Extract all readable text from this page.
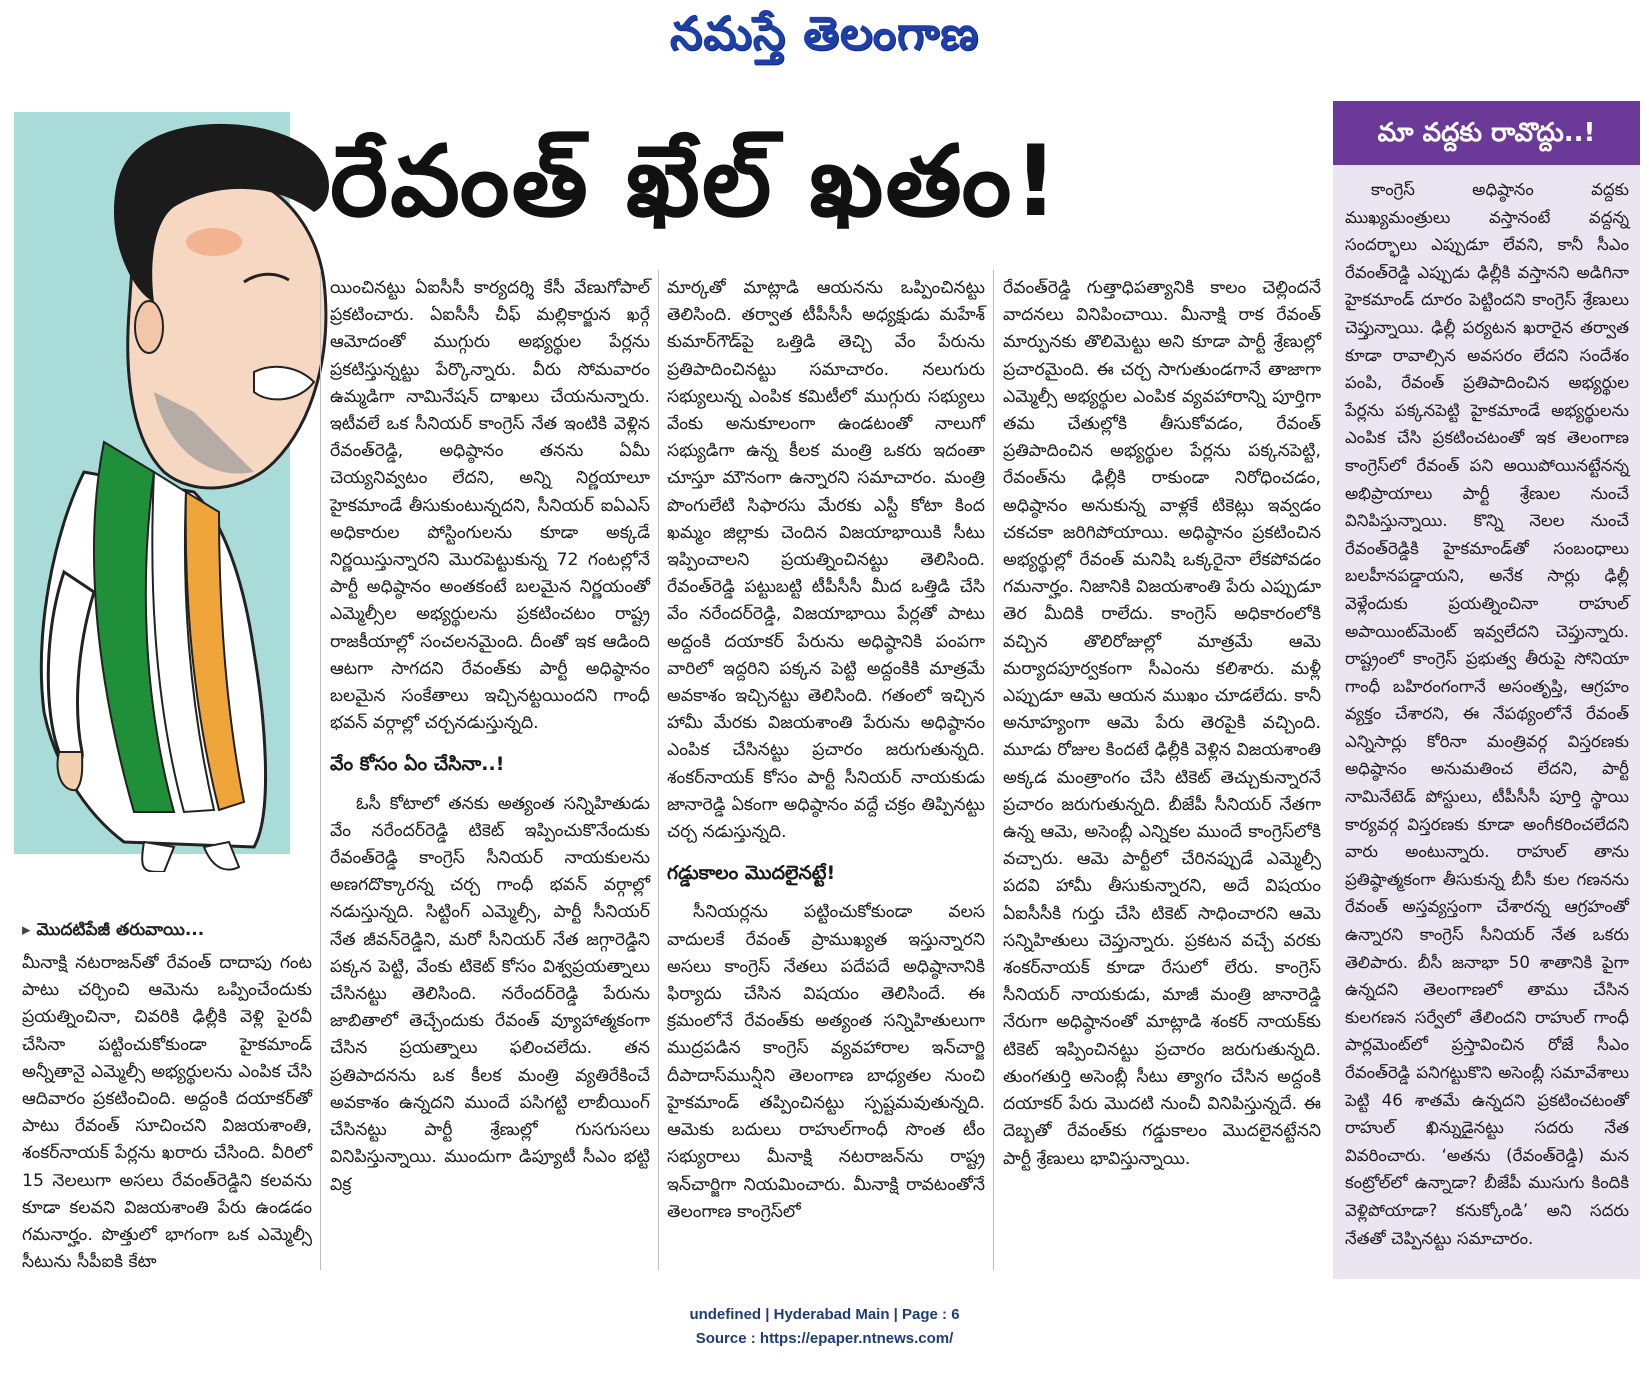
నమస్తే తెలంగాణ
రేవంత్ ఖేల్ ఖతం!
▸ మొదటిపేజీ తరువాయి...

మీనాక్షి నటరాజన్‌తో రేవంత్ దాదాపు గంట పాటు చర్చించి ఆమెను ఒప్పించేందుకు ప్రయత్నించినా, చివరికి ఢిల్లీకి వెళ్లి పైరవీ చేసినా పట్టించుకోకుండా హైకమాండ్ అన్నీతానై ఎమ్మెల్సీ అభ్యర్థులను ఎంపిక చేసి ఆదివారం ప్రకటించింది. అద్దంకి దయాకర్‌తో పాటు రేవంత్ సూచించని విజయశాంతి, శంకర్‌నాయక్ పేర్లను ఖరారు చేసింది. వీరిలో 15 నెలలుగా అసలు రేవంత్‌రెడ్డిని కలవను కూడా కలవని విజయశాంతి పేరు ఉండడం గమనార్హం. పొత్తులో భాగంగా ఒక ఎమ్మెల్సీ సీటును సీపీఐకి కేటా

యించినట్టు ఏఐసీసీ కార్యదర్శి కేసీ వేణుగోపాల్ ప్రకటించారు. ఏఐసీసీ చీఫ్ మల్లికార్జున ఖర్గే ఆమోదంతో ముగ్గురు అభ్యర్థుల పేర్లను ప్రకటిస్తున్నట్టు పేర్కొన్నారు. వీరు సోమవారం ఉమ్మడిగా నామినేషన్ దాఖలు చేయనున్నారు. ఇటీవలే ఒక సీనియర్ కాంగ్రెస్ నేత ఇంటికి వెళ్లిన రేవంత్‌రెడ్డి, అధిష్ఠానం తనను ఏమీ చెయ్యనివ్వటం లేదని, అన్ని నిర్ణయాలూ హైకమాండే తీసుకుంటున్నదని, సీనియర్ ఐఏఎస్ అధికారుల పోస్టింగులను కూడా అక్కడే నిర్ణయిస్తున్నారని మొరపెట్టుకున్న 72 గంటల్లోనే పార్టీ అధిష్ఠానం అంతకంటే బలమైన నిర్ణయంతో ఎమ్మెల్సీల అభ్యర్థులను ప్రకటించటం రాష్ట్ర రాజకీయాల్లో సంచలనమైంది. దీంతో ఇక ఆడింది ఆటగా సాగదని రేవంత్‌కు పార్టీ అధిష్ఠానం బలమైన సంకేతాలు ఇచ్చినట్టయిందని గాంధీ భవన్ వర్గాల్లో చర్చనడుస్తున్నది.

వేం కోసం ఏం చేసినా..!

ఓసీ కోటాలో తనకు అత్యంత సన్నిహితుడు వేం నరేందర్‌రెడ్డి టికెట్ ఇప్పించుకొనేందుకు రేవంత్‌రెడ్డి కాంగ్రెస్ సీనియర్ నాయకులను అణగదొక్కారన్న చర్చ గాంధీ భవన్ వర్గాల్లో నడుస్తున్నది. సిట్టింగ్ ఎమ్మెల్సీ, పార్టీ సీనియర్ నేత జీవన్‌రెడ్డిని, మరో సీనియర్ నేత జగ్గారెడ్డిని పక్కన పెట్టి, వేంకు టికెట్ కోసం విశ్వప్రయత్నాలు చేసినట్టు తెలిసింది. నరేందర్‌రెడ్డి పేరును జాబితాలో తెచ్చేందుకు రేవంత్ వ్యూహాత్మకంగా చేసిన ప్రయత్నాలు ఫలించలేదు. తన ప్రతిపాదనను ఒక కీలక మంత్రి వ్యతిరేకించే అవకాశం ఉన్నదని ముందే పసిగట్టి లాబీయింగ్ చేసినట్టు పార్టీ శ్రేణుల్లో గుసగుసలు వినిపిస్తున్నాయి. ముందుగా డిప్యూటీ సీఎం భట్టి విక్ర

మార్కతో మాట్లాడి ఆయనను ఒప్పించినట్టు తెలిసింది. తర్వాత టీపీసీసీ అధ్యక్షుడు మహేశ్ కుమార్‌గౌడ్‌పై ఒత్తిడి తెచ్చి వేం పేరును ప్రతిపాదించినట్టు సమాచారం. నలుగురు సభ్యులున్న ఎంపిక కమిటీలో ముగ్గురు సభ్యులు వేంకు అనుకూలంగా ఉండటంతో నాలుగో సభ్యుడిగా ఉన్న కీలక మంత్రి ఒకరు ఇదంతా చూస్తూ మౌనంగా ఉన్నారని సమాచారం. మంత్రి పొంగులేటి సిఫారసు మేరకు ఎస్టీ కోటా కింద ఖమ్మం జిల్లాకు చెందిన విజయాభాయికి సీటు ఇప్పించాలని ప్రయత్నించినట్టు తెలిసింది. రేవంత్‌రెడ్డి పట్టుబట్టి టీపీసీసీ మీద ఒత్తిడి చేసి వేం నరేందర్‌రెడ్డి, విజయాభాయి పేర్లతో పాటు అద్దంకి దయాకర్ పేరును అధిష్ఠానికి పంపగా వారిలో ఇద్దరిని పక్కన పెట్టి అద్దంకికి మాత్రమే అవకాశం ఇచ్చినట్టు తెలిసింది. గతంలో ఇచ్చిన హామీ మేరకు విజయశాంతి పేరును అధిష్ఠానం ఎంపిక చేసినట్టు ప్రచారం జరుగుతున్నది. శంకర్‌నాయక్ కోసం పార్టీ సీనియర్ నాయకుడు జానారెడ్డి ఏకంగా అధిష్ఠానం వద్దే చక్రం తిప్పినట్టు చర్చ నడుస్తున్నది.

గడ్డుకాలం మొదలైనట్టే!

సీనియర్లను పట్టించుకోకుండా వలస వాదులకే రేవంత్ ప్రాముఖ్యత ఇస్తున్నారని అసలు కాంగ్రెస్ నేతలు పదేపదే అధిష్ఠానానికి ఫిర్యాదు చేసిన విషయం తెలిసిందే. ఈ క్రమంలోనే రేవంత్‌కు అత్యంత సన్నిహితులుగా ముద్రపడిన కాంగ్రెస్ వ్యవహారాల ఇన్‌చార్జి దీపాదాస్‌మున్షీని తెలంగాణ బాధ్యతల నుంచి హైకమాండ్ తప్పించినట్టు స్పష్టమవుతున్నది. ఆమెకు బదులు రాహుల్‌గాంధీ సొంత టీం సభ్యురాలు మీనాక్షి నటరాజన్‌ను రాష్ట్ర ఇన్‌చార్జిగా నియమించారు. మీనాక్షి రావటంతోనే తెలంగాణ కాంగ్రెస్‌లో

రేవంత్‌రెడ్డి గుత్తాధిపత్యానికి కాలం చెల్లిందనే వాదనలు వినిపించాయి. మీనాక్షి రాక రేవంత్ మార్పునకు తొలిమెట్టు అని కూడా పార్టీ శ్రేణుల్లో ప్రచారమైంది. ఈ చర్చ సాగుతుండగానే తాజాగా ఎమ్మెల్సీ అభ్యర్థుల ఎంపిక వ్యవహారాన్ని పూర్తిగా తమ చేతుల్లోకి తీసుకోవడం, రేవంత్ ప్రతిపాదించిన అభ్యర్థుల పేర్లను పక్కనపెట్టి, రేవంత్‌ను ఢిల్లీకి రాకుండా నిరోధించడం, అధిష్ఠానం అనుకున్న వాళ్లకే టికెట్లు ఇవ్వడం చకచకా జరిగిపోయాయి. అధిష్ఠానం ప్రకటించిన అభ్యర్థుల్లో రేవంత్ మనిషి ఒక్కరైనా లేకపోవడం గమనార్హం. నిజానికి విజయశాంతి పేరు ఎప్పుడూ తెర మీదికి రాలేదు. కాంగ్రెస్ అధికారంలోకి వచ్చిన తొలిరోజుల్లో మాత్రమే ఆమె మర్యాదపూర్వకంగా సీఎంను కలిశారు. మళ్లీ ఎప్పుడూ ఆమె ఆయన ముఖం చూడలేదు. కానీ అనూహ్యంగా ఆమె పేరు తెరపైకి వచ్చింది. మూడు రోజుల కిందటే ఢిల్లీకి వెళ్లిన విజయశాంతి అక్కడ మంత్రాంగం చేసి టికెట్ తెచ్చుకున్నారనే ప్రచారం జరుగుతున్నది. బీజేపీ సీనియర్ నేతగా ఉన్న ఆమె, అసెంబ్లీ ఎన్నికల ముందే కాంగ్రెస్‌లోకి వచ్చారు. ఆమె పార్టీలో చేరినప్పుడే ఎమ్మెల్సీ పదవి హామీ తీసుకున్నారని, అదే విషయం ఏఐసీసీకి గుర్తు చేసి టికెట్ సాధించారని ఆమె సన్నిహితులు చెప్తున్నారు. ప్రకటన వచ్చే వరకు శంకర్‌నాయక్ కూడా రేసులో లేరు. కాంగ్రెస్ సీనియర్ నాయకుడు, మాజీ మంత్రి జానారెడ్డి నేరుగా అధిష్ఠానంతో మాట్లాడి శంకర్ నాయక్‌కు టికెట్ ఇప్పించినట్టు ప్రచారం జరుగుతున్నది. తుంగతుర్తి అసెంబ్లీ సీటు త్యాగం చేసిన అద్దంకి దయాకర్ పేరు మొదటి నుంచీ వినిపిస్తున్నదే. ఈ దెబ్బతో రేవంత్‌కు గడ్డుకాలం మొదలైనట్టేనని పార్టీ శ్రేణులు భావిస్తున్నాయి.

మా వద్దకు రావొద్దు..!

కాంగ్రెస్ అధిష్ఠానం వద్దకు ముఖ్యమంత్రులు వస్తానంటే వద్దన్న సందర్భాలు ఎప్పుడూ లేవని, కానీ సీఎం రేవంత్‌రెడ్డి ఎప్పుడు ఢిల్లీకి వస్తానని అడిగినా హైకమాండ్ దూరం పెట్టిందని కాంగ్రెస్ శ్రేణులు చెప్తున్నాయి. ఢిల్లీ పర్యటన ఖరారైన తర్వాత కూడా రావాల్సిన అవసరం లేదని సందేశం పంపి, రేవంత్ ప్రతిపాదించిన అభ్యర్థుల పేర్లను పక్కనపెట్టి హైకమాండే అభ్యర్థులను ఎంపిక చేసి ప్రకటించటంతో ఇక తెలంగాణ కాంగ్రెస్‌లో రేవంత్ పని అయిపోయినట్టేనన్న అభిప్రాయాలు పార్టీ శ్రేణుల నుంచే వినిపిస్తున్నాయి. కొన్ని నెలల నుంచే రేవంత్‌రెడ్డికి హైకమాండ్‌తో సంబంధాలు బలహీనపడ్డాయని, అనేక సార్లు ఢిల్లీ వెళ్లేందుకు ప్రయత్నించినా రాహుల్ అపాయింట్‌మెంట్ ఇవ్వలేదని చెప్తున్నారు. రాష్ట్రంలో కాంగ్రెస్ ప్రభుత్వ తీరుపై సోనియా గాంధీ బహిరంగంగానే అసంతృప్తి, ఆగ్రహం వ్యక్తం చేశారని, ఈ నేపథ్యంలోనే రేవంత్ ఎన్నిసార్లు కోరినా మంత్రివర్గ విస్తరణకు అధిష్ఠానం అనుమతించ లేదని, పార్టీ నామినేటెడ్ పోస్టులు, టీపీసీసీ పూర్తి స్థాయి కార్యవర్గ విస్తరణకు కూడా అంగీకరించలేదని వారు అంటున్నారు. రాహుల్ తాను ప్రతిష్ఠాత్మకంగా తీసుకున్న బీసీ కుల గణనను రేవంత్ అస్తవ్యస్తంగా చేశారన్న ఆగ్రహంతో ఉన్నారని కాంగ్రెస్ సీనియర్ నేత ఒకరు తెలిపారు. బీసీ జనాభా 50 శాతానికి పైగా ఉన్నదని తెలంగాణలో తాము చేసిన కులగణన సర్వేలో తేలిందని రాహుల్ గాంధీ పార్లమెంట్‌లో ప్రస్తావించిన రోజే సీఎం రేవంత్‌రెడ్డి పనిగట్టుకొని అసెంబ్లీ సమావేశాలు పెట్టి 46 శాతమే ఉన్నదని ప్రకటించటంతో రాహుల్ ఖిన్నుడైనట్టు సదరు నేత వివరించారు. ‘అతను (రేవంత్‌రెడ్డి) మన కంట్రోల్‌లో ఉన్నాడా? బీజేపీ ముసుగు కిందికి వెళ్లిపోయాడా? కనుక్కోండి’ అని సదరు నేతతో చెప్పినట్టు సమాచారం.

undefined | Hyderabad Main | Page : 6
Source : https://epaper.ntnews.com/
